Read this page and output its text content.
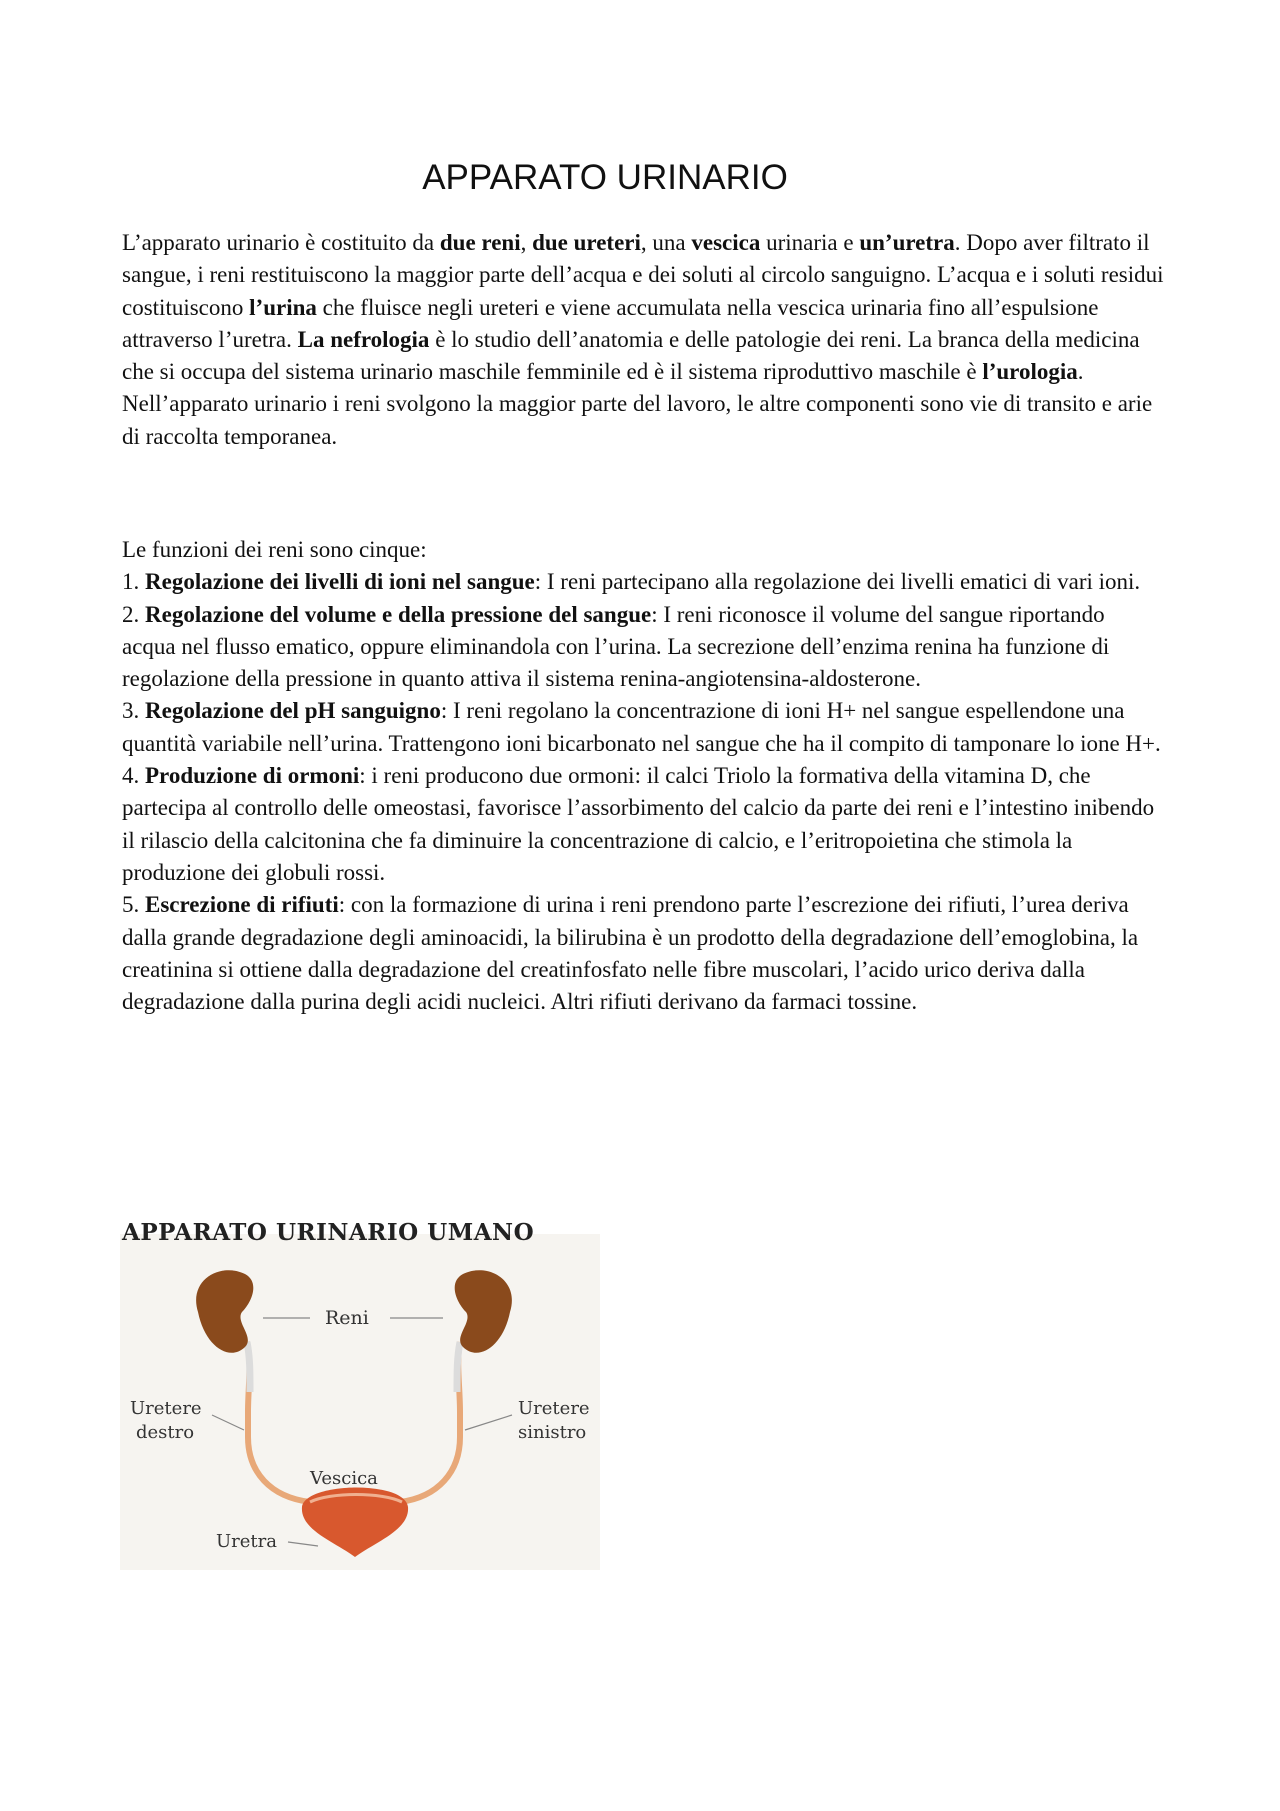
APPARATO URINARIO

L’apparato urinario è costituito da due reni, due ureteri, una vescica urinaria e un’uretra. Dopo aver filtrato il sangue, i reni restituiscono la maggior parte dell’acqua e dei soluti al circolo sanguigno. L’acqua e i soluti residui costituiscono l’urina che fluisce negli ureteri e viene accumulata nella vescica urinaria fino all’espulsione attraverso l’uretra. La nefrologia è lo studio dell’anatomia e delle patologie dei reni. La branca della medicina che si occupa del sistema urinario maschile femminile ed è il sistema riproduttivo maschile è l’urologia. Nell’apparato urinario i reni svolgono la maggior parte del lavoro, le altre componenti sono vie di transito e arie di raccolta temporanea.

Le funzioni dei reni sono cinque:

1. Regolazione dei livelli di ioni nel sangue: I reni partecipano alla regolazione dei livelli ematici di vari ioni.

2. Regolazione del volume e della pressione del sangue: I reni riconosce il volume del sangue riportando acqua nel flusso ematico, oppure eliminandola con l’urina. La secrezione dell’enzima renina ha funzione di regolazione della pressione in quanto attiva il sistema renina-angiotensina-aldosterone.

3. Regolazione del pH sanguigno: I reni regolano la concentrazione di ioni H+ nel sangue espellendone una quantità variabile nell’urina. Trattengono ioni bicarbonato nel sangue che ha il compito di tamponare lo ione H+.

4. Produzione di ormoni: i reni producono due ormoni: il calci Triolo la formativa della vitamina D, che partecipa al controllo delle omeostasi, favorisce l’assorbimento del calcio da parte dei reni e l’intestino inibendo il rilascio della calcitonina che fa diminuire la concentrazione di calcio, e l’eritropoietina che stimola la produzione dei globuli rossi.

5. Escrezione di rifiuti: con la formazione di urina i reni prendono parte l’escrezione dei rifiuti, l’urea deriva dalla grande degradazione degli aminoacidi, la bilirubina è un prodotto della degradazione dell’emoglobina, la creatinina si ottiene dalla degradazione del creatinfosfato nelle fibre muscolari, l’acido urico deriva dalla degradazione dalla purina degli acidi nucleici. Altri rifiuti derivano da farmaci tossine.

APPARATO URINARIO UMANO
Reni
Uretere
destro
Uretere
sinistro
Vescica
Uretra
